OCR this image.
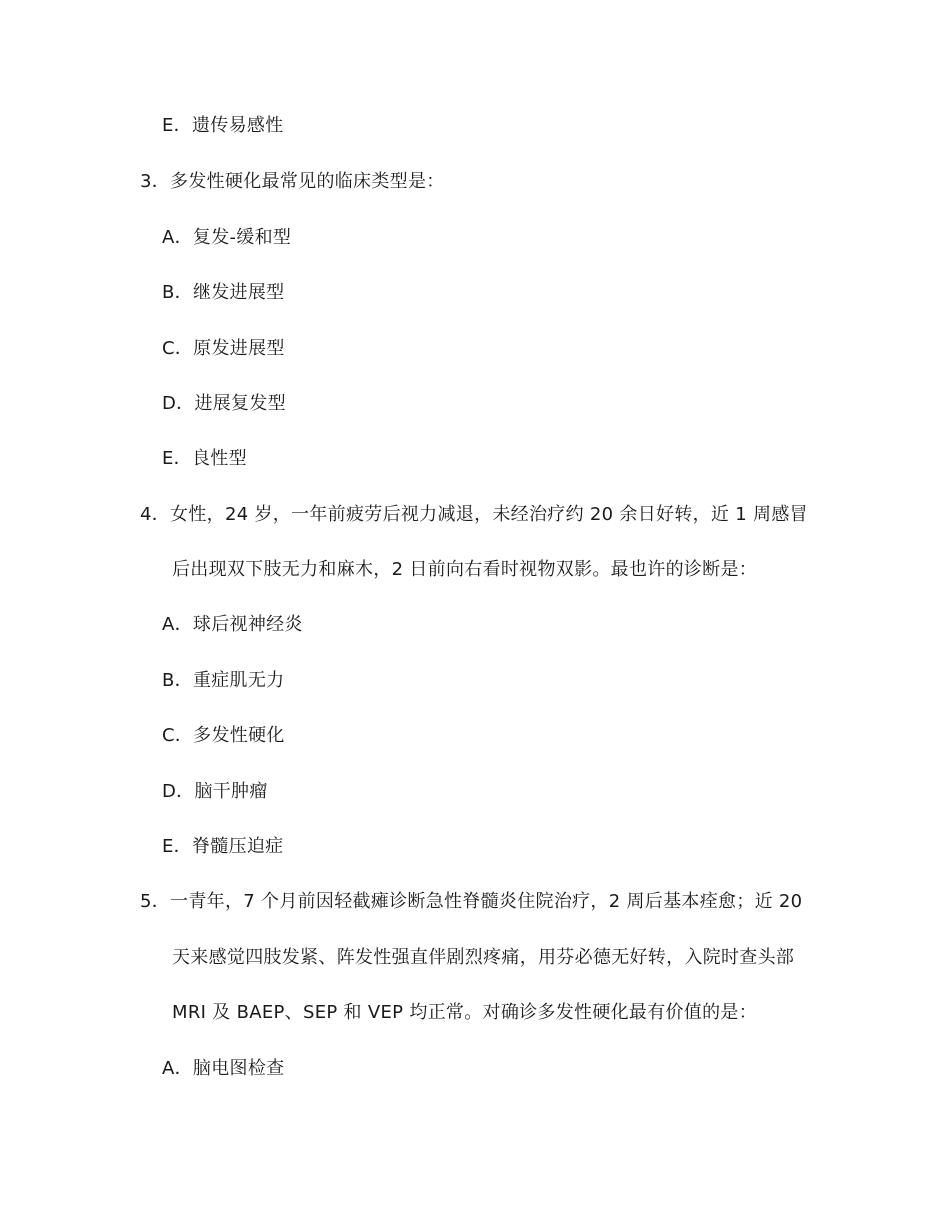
E．遗传易感性
3．多发性硬化最常见的临床类型是：
A．复发-缓和型
B．继发进展型
C．原发进展型
D．进展复发型
E．良性型
4．女性，24 岁，一年前疲劳后视力减退，未经治疗约 20 余日好转，近 1 周感冒
后出现双下肢无力和麻木，2 日前向右看时视物双影。最也许的诊断是：
A．球后视神经炎
B．重症肌无力
C．多发性硬化
D．脑干肿瘤
E．脊髓压迫症
5．一青年，7 个月前因轻截瘫诊断急性脊髓炎住院治疗，2 周后基本痊愈；近 20
天来感觉四肢发紧、阵发性强直伴剧烈疼痛，用芬必德无好转，入院时查头部
MRI 及 BAEP、SEP 和 VEP 均正常。对确诊多发性硬化最有价值的是：
A．脑电图检查
